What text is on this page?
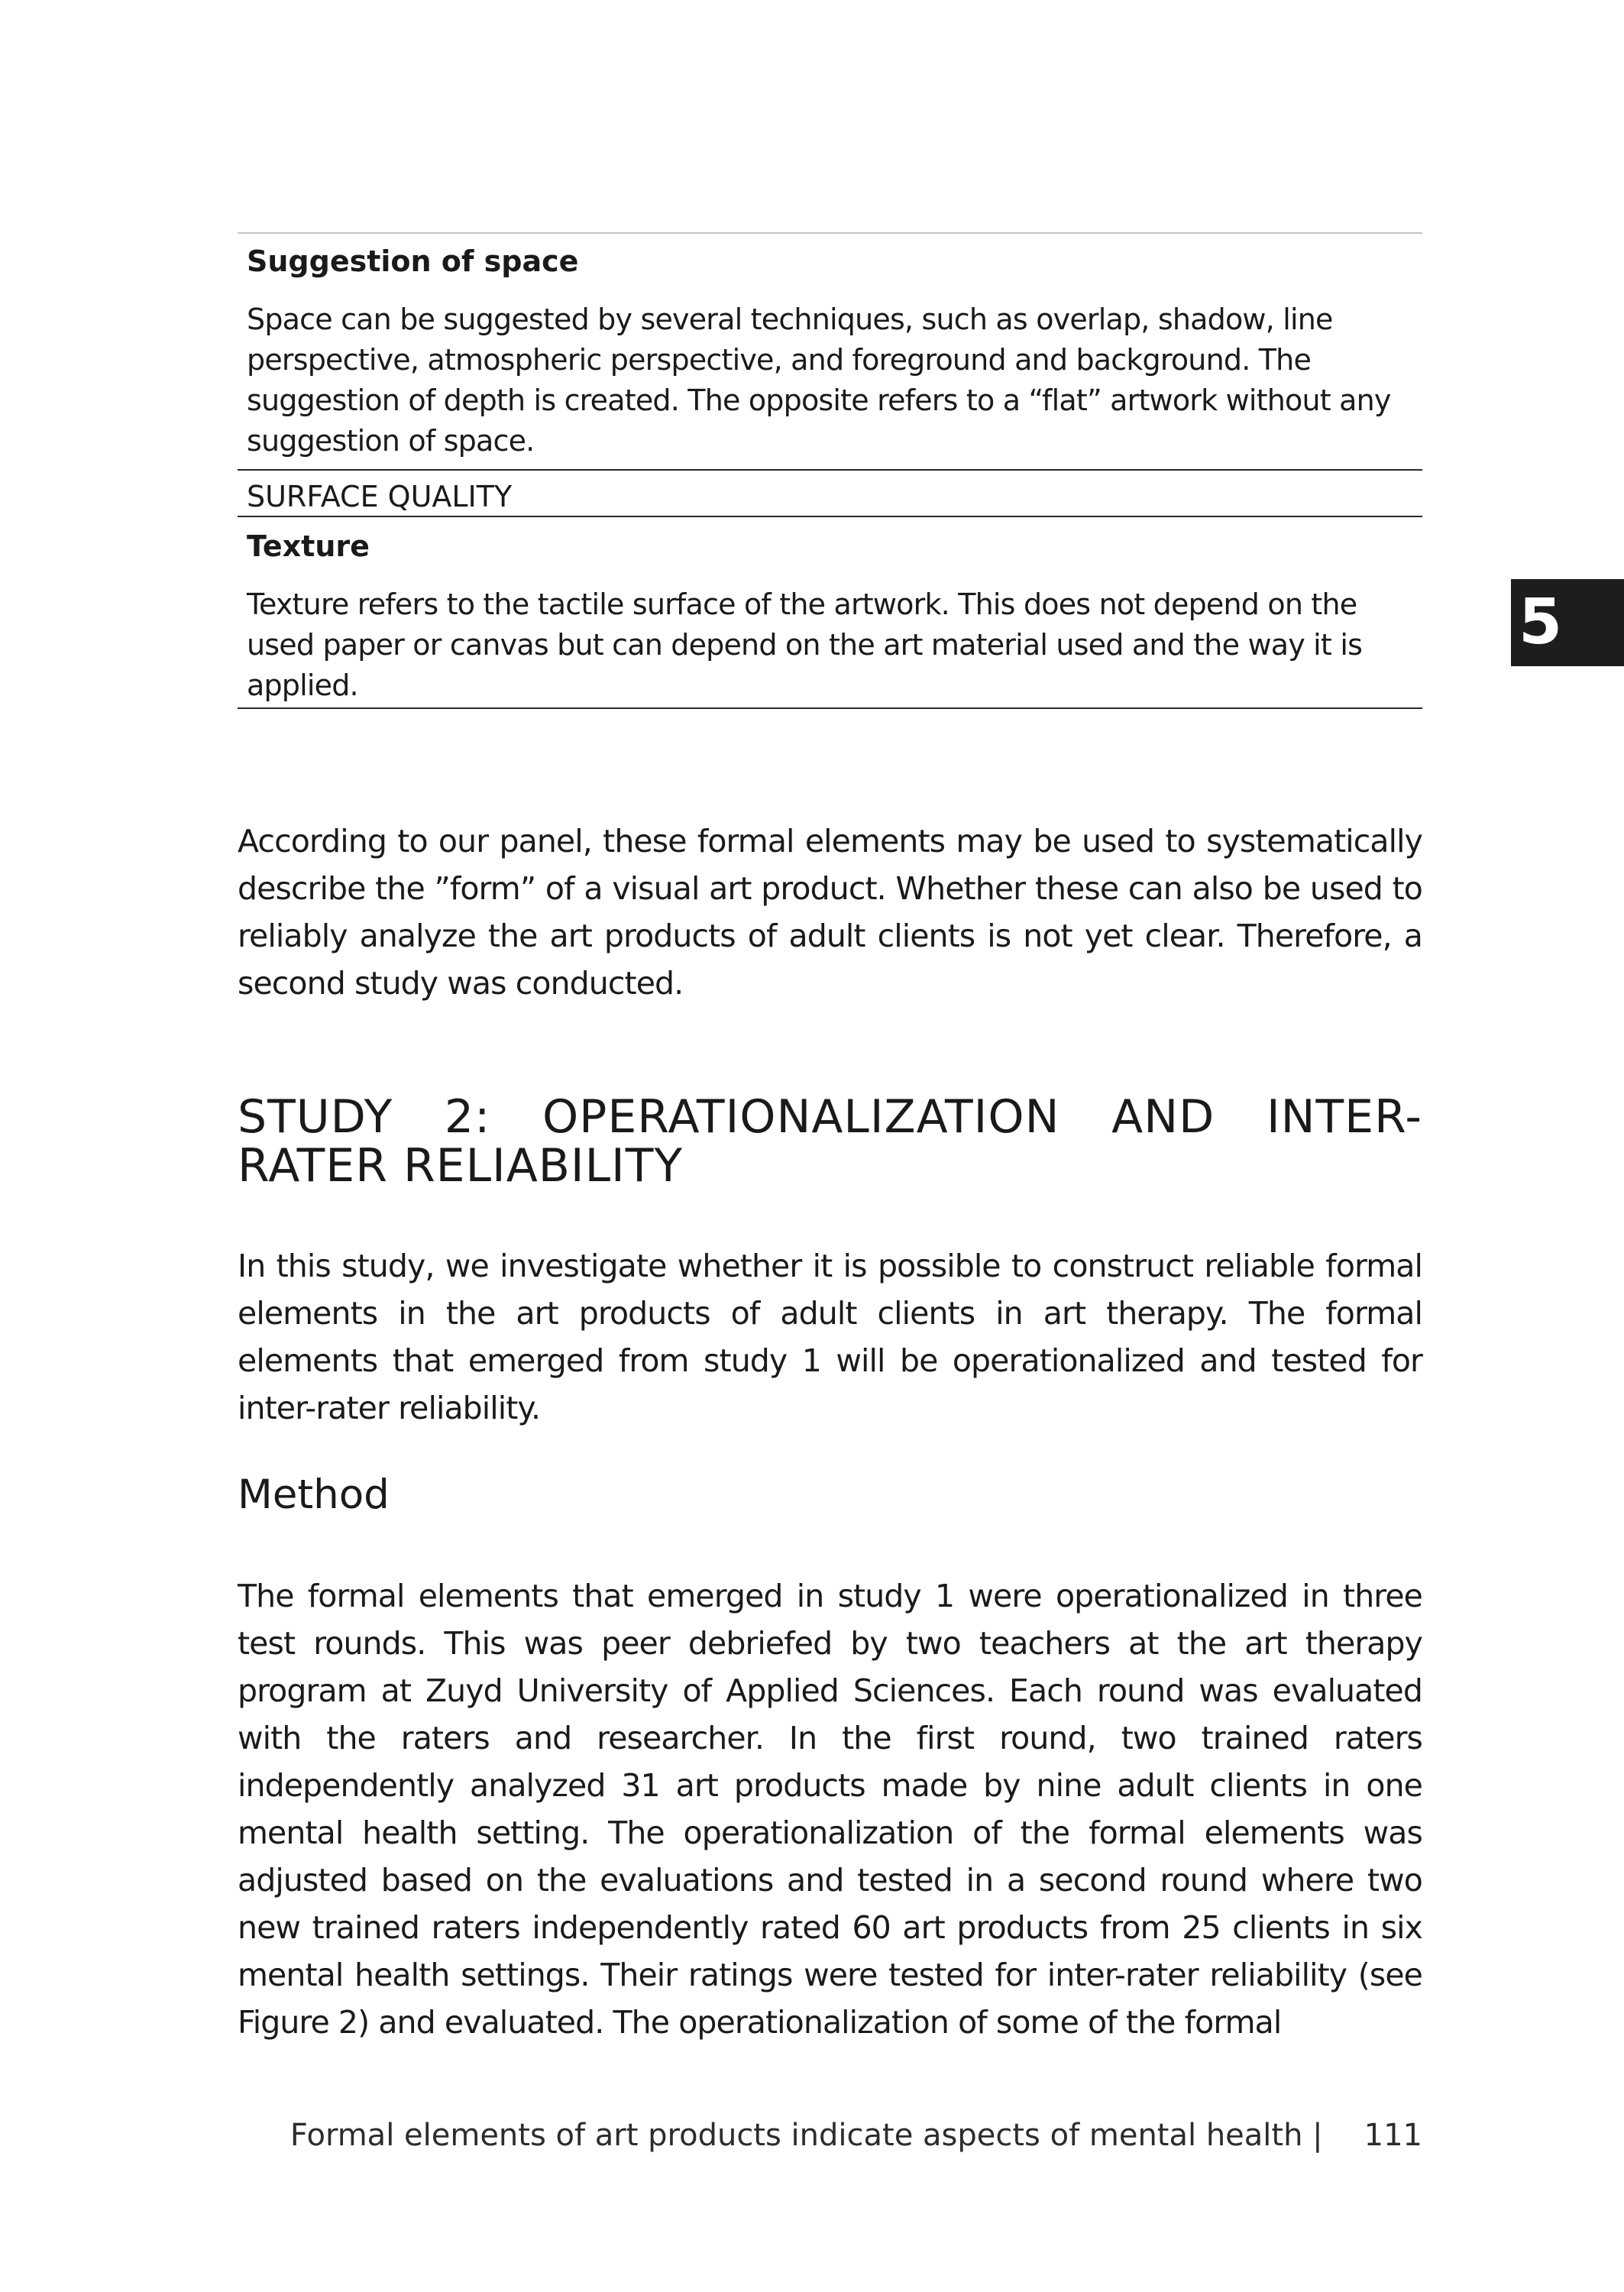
Suggestion of space
Space can be suggested by several techniques, such as overlap, shadow, line perspective, atmospheric perspective, and foreground and background. The suggestion of depth is created. The opposite refers to a “flat” artwork without any suggestion of space.
SURFACE QUALITY
Texture
Texture refers to the tactile surface of the artwork. This does not depend on the used paper or canvas but can depend on the art material used and the way it is applied.

According to our panel, these formal elements may be used to systematically describe the ”form” of a visual art product. Whether these can also be used to reliably analyze the art products of adult clients is not yet clear. Therefore, a second study was conducted.

STUDY 2: OPERATIONALIZATION AND INTER-RATER RELIABILITY

In this study, we investigate whether it is possible to construct reliable formal elements in the art products of adult clients in art therapy. The formal elements that emerged from study 1 will be operationalized and tested for inter-rater reliability.

Method

The formal elements that emerged in study 1 were operationalized in three test rounds. This was peer debriefed by two teachers at the art therapy program at Zuyd University of Applied Sciences. Each round was evaluated with the raters and researcher. In the first round, two trained raters independently analyzed 31 art products made by nine adult clients in one mental health setting. The operationalization of the formal elements was adjusted based on the evaluations and tested in a second round where two new trained raters independently rated 60 art products from 25 clients in six mental health settings. Their ratings were tested for inter-rater reliability (see Figure 2) and evaluated. The operationalization of some of the formal

5
Formal elements of art products indicate aspects of mental health | 111
